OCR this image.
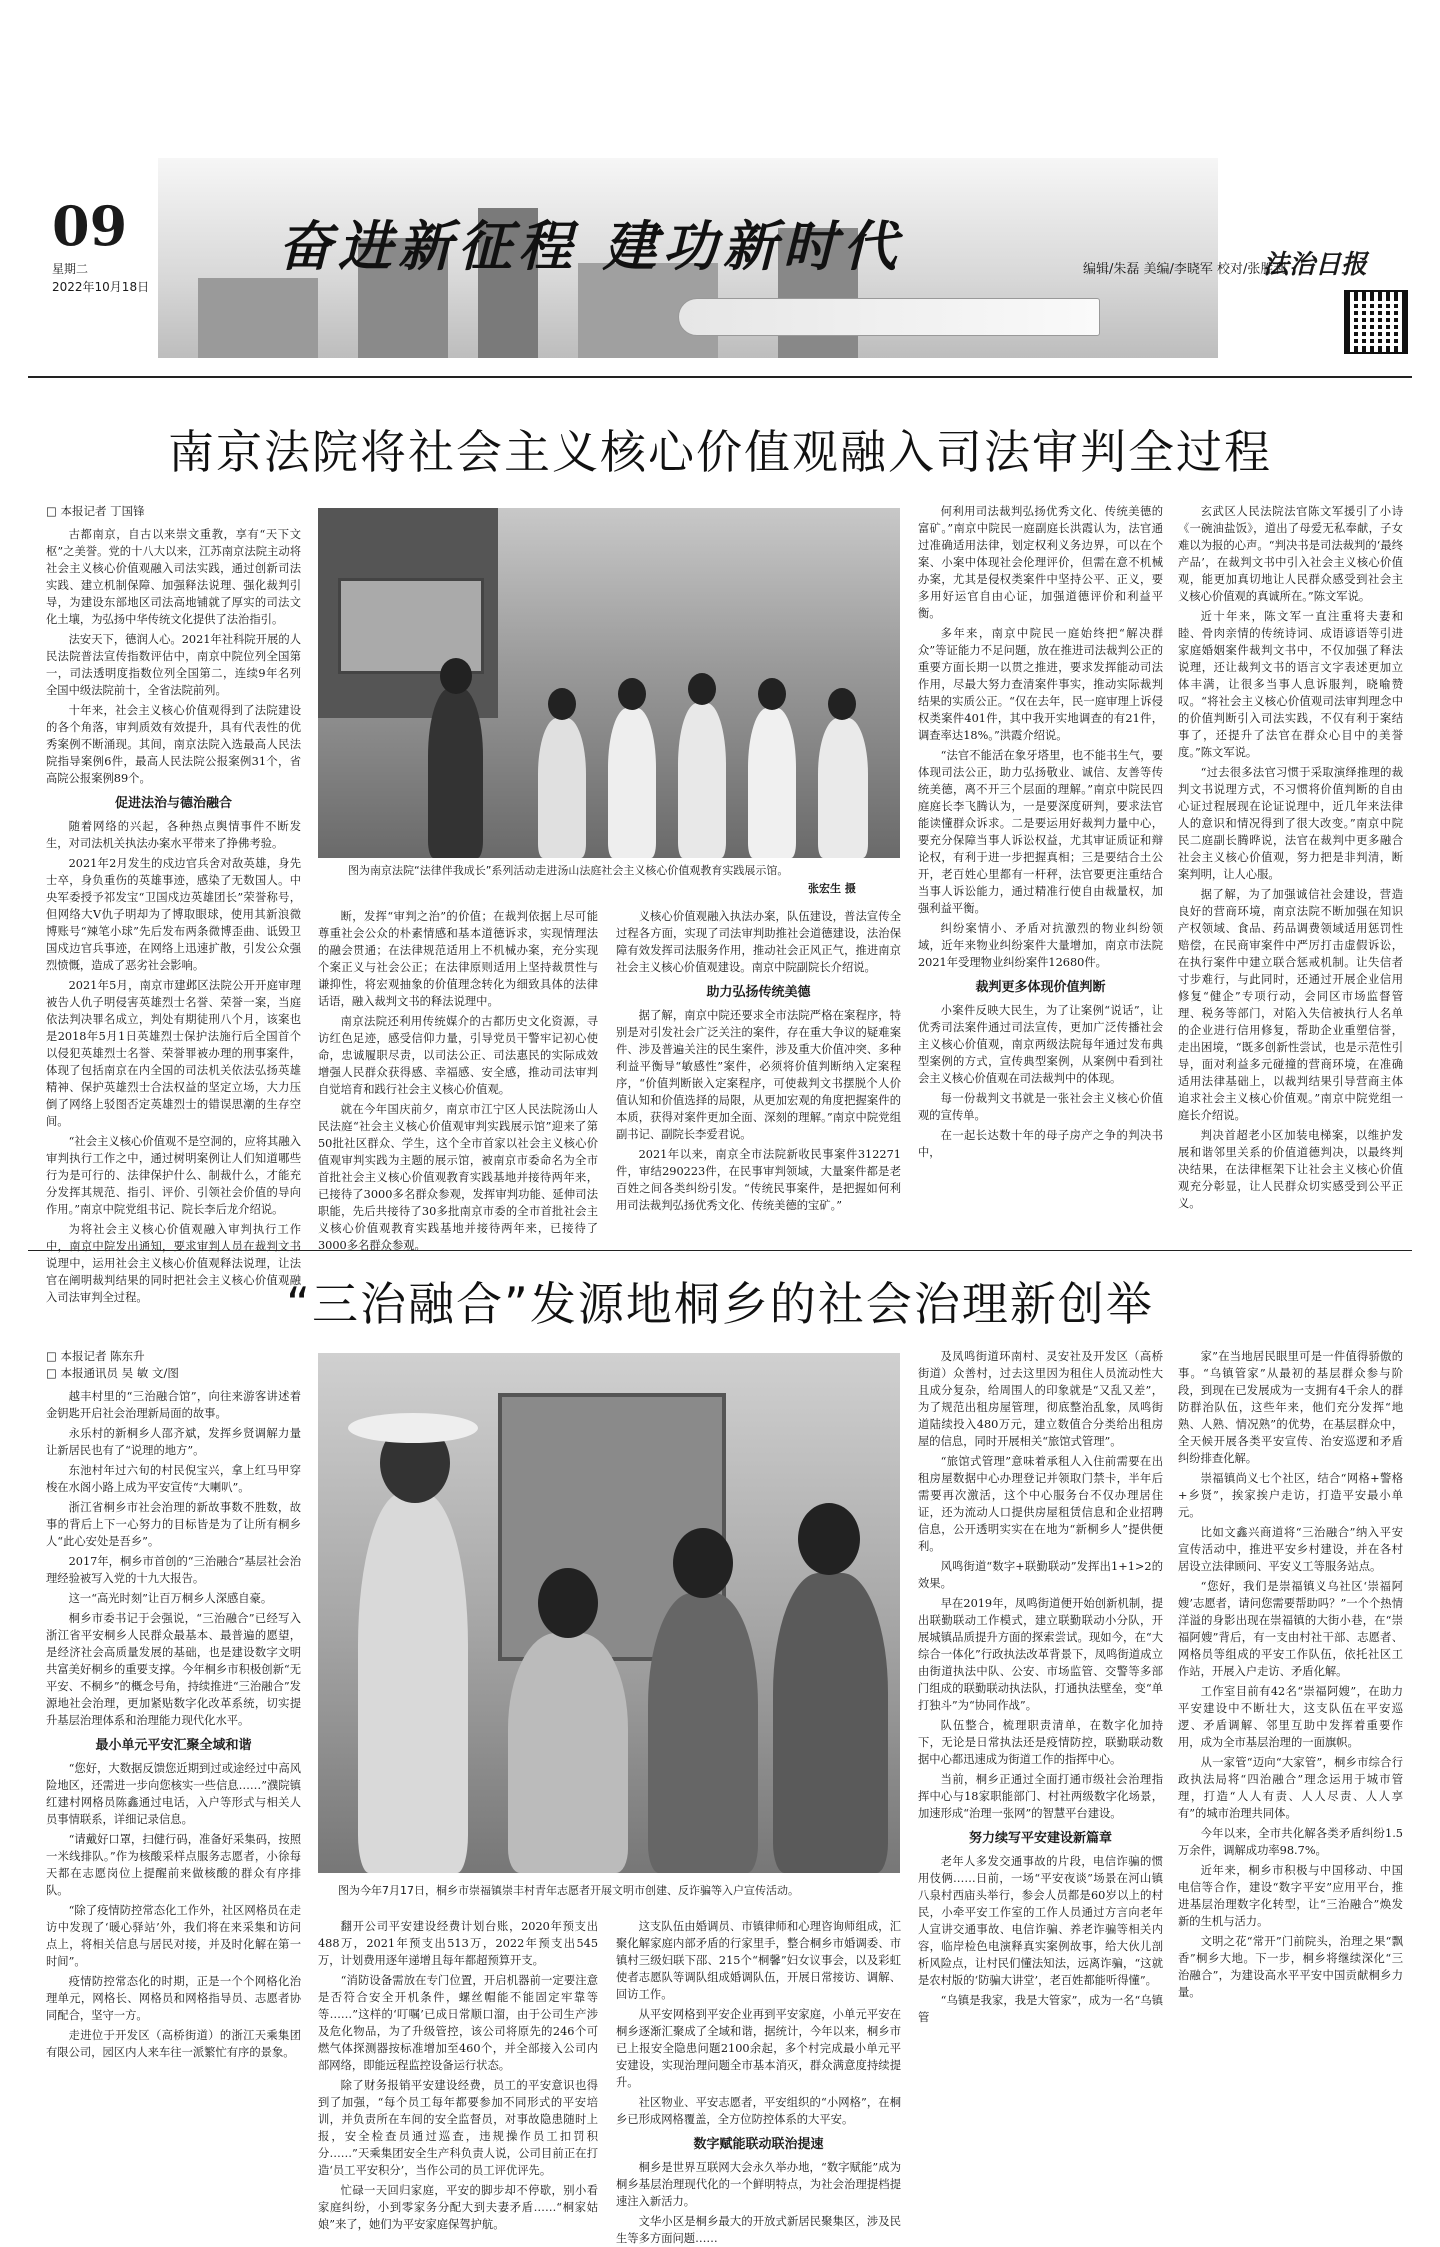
09
星期二
2022年10月18日
奋进新征程 建功新时代	编辑/朱磊 美编/李晓军 校对/张胜利
法治日报
南京法院将社会主义核心价值观融入司法审判全过程
□ 本报记者 丁国锋

古都南京，自古以来崇文重教，享有“天下文枢”之美誉。党的十八大以来，江苏南京法院主动将社会主义核心价值观融入司法实践，通过创新司法实践、建立机制保障、加强释法说理、强化裁判引导，为建设东部地区司法高地铺就了厚实的司法文化土壤，为弘扬中华传统文化提供了法治指引。

法安天下，德润人心。2021年社科院开展的人民法院普法宣传指数评估中，南京中院位列全国第一，司法透明度指数位列全国第二，连续9年名列全国中级法院前十，全省法院前列。

十年来，社会主义核心价值观得到了法院建设的各个角落，审判质效有效提升，具有代表性的优秀案例不断涌现。其间，南京法院入选最高人民法院指导案例6件，最高人民法院公报案例31个，省高院公报案例89个。

促进法治与德治融合

随着网络的兴起，各种热点舆情事件不断发生，对司法机关执法办案水平带来了挣佛考验。

2021年2月发生的戍边官兵舍对敌英雄，身先士卒，身负重伤的英雄事迹，感染了无数国人。中央军委授予祁发宝“卫国戍边英雄团长”荣誉称号，但网络大V仇子明却为了博取眼球，使用其新浪微博账号“辣笔小球”先后发布两条微博歪曲、诋毁卫国戍边官兵事迹，在网络上迅速扩散，引发公众强烈愤慨，造成了恶劣社会影响。

2021年5月，南京市建邺区法院公开开庭审理被告人仇子明侵害英雄烈士名誉、荣誉一案，当庭依法判决罪名成立，判处有期徒刑八个月，该案也是2018年5月1日英雄烈士保护法施行后全国首个以侵犯英雄烈士名誉、荣誉罪被办理的刑事案件，体现了包括南京在内全国的司法机关依法弘扬英雄精神、保护英雄烈士合法权益的坚定立场，大力压倒了网络上驳图否定英雄烈士的错误思潮的生存空间。

“社会主义核心价值观不是空洞的，应将其融入审判执行工作之中，通过树明案例让人们知道哪些行为是可行的、法律保护什么、制裁什么，才能充分发挥其规范、指引、评价、引领社会价值的导向作用。”南京中院党组书记、院长李后龙介绍说。

为将社会主义核心价值观融入审判执行工作中，南京中院发出通知，要求审判人员在裁判文书说理中，运用社会主义核心价值观释法说理，让法官在阐明裁判结果的同时把社会主义核心价值观融入司法审判全过程。

图为南京法院“法律伴我成长”系列活动走进汤山法庭社会主义核心价值观教育实践展示馆。
张宏生 摄

断，发挥“审判之治”的价值；在裁判依据上尽可能尊重社会公众的朴素情感和基本道德诉求，实现情理法的融会贯通；在法律规范适用上不机械办案，充分实现个案正义与社会公正；在法律原则适用上坚持裁贯性与谦抑性，将宏观抽象的价值理念转化为细致具体的法律话语，融入裁判文书的释法说理中。

南京法院还利用传统媒介的古都历史文化资源，寻访红色足迹，感受信仰力量，引导党员干警牢记初心使命，忠诚履职尽责，以司法公正、司法惠民的实际成效增强人民群众获得感、幸福感、安全感，推动司法审判自觉培育和践行社会主义核心价值观。

就在今年国庆前夕，南京市江宁区人民法院汤山人民法庭“社会主义核心价值观审判实践展示馆”迎来了第50批社区群众、学生，这个全市首家以社会主义核心价值观审判实践为主题的展示馆，被南京市委命名为全市首批社会主义核心价值观教育实践基地并接待两年来，已接待了3000多名群众参观，发挥审判功能、延伸司法职能，先后共接待了30多批南京市委的全市首批社会主义核心价值观教育实践基地并接待两年来，已接待了3000多名群众参观。

义核心价值观融入执法办案，队伍建设，普法宣传全过程各方面，实现了司法审判助推社会道德建设，法治保障有效发挥司法服务作用，推动社会正风正气，推进南京社会主义核心价值观建设。南京中院副院长介绍说。

助力弘扬传统美德

据了解，南京中院还要求全市法院严格在案程序，特别是对引发社会广泛关注的案件，存在重大争议的疑难案件、涉及普遍关注的民生案件，涉及重大价值冲突、多种利益平衡导“敏感性”案件，必须将价值判断纳入定案程序，“价值判断嵌入定案程序，可使裁判文书摆脱个人价值认知和价值选择的局限，从更加宏观的角度把握案件的本质，获得对案件更加全面、深刻的理解。”南京中院党组副书记、副院长李爱君说。

2021年以来，南京全市法院新收民事案件312271件，审结290223件，在民事审判领域，大量案件都是老百姓之间各类纠纷引发。“传统民事案件，是把握如何利用司法裁判弘扬优秀文化、传统美德的宝矿。”

何利用司法裁判弘扬优秀文化、传统美德的富矿。”南京中院民一庭副庭长洪霞认为，法官通过准确适用法律，划定权利义务边界，可以在个案、小案中体现社会伦理评价，但需在意不机械办案，尤其是侵权类案件中坚持公平、正义，要多用好运官自由心证，加强道德评价和利益平衡。

多年来，南京中院民一庭始终把“解决群众”等证能力不足问题，放在推进司法裁判公正的重要方面长期一以贯之推进，要求发挥能动司法作用，尽最大努力查清案件事实，推动实际裁判结果的实质公正。“仅在去年，民一庭审理上诉侵权类案件401件，其中我开实地调查的有21件，调查率达18%。”洪霞介绍说。

“法官不能活在象牙塔里，也不能书生气，要体现司法公正，助力弘扬敬业、诚信、友善等传统美德，离不开三个层面的理解。”南京中院民四庭庭长李飞腾认为，一是要深度研判，要求法官能读懂群众诉求。二是要运用好裁判力量中心，要充分保障当事人诉讼权益，尤其审证质证和辩论权，有利于进一步把握真相；三是要结合土公开，老百姓心里都有一杆秤，法官要更注重结合当事人诉讼能力，通过精准行使自由裁量权，加强利益平衡。

纠纷案情小、矛盾对抗激烈的物业纠纷领域，近年来物业纠纷案件大量增加，南京市法院2021年受理物业纠纷案件12680件。

裁判更多体现价值判断

小案件反映大民生，为了让案例“说话”，让优秀司法案件通过司法宣传，更加广泛传播社会主义核心价值观，南京两级法院每年通过发布典型案例的方式，宣传典型案例，从案例中看到社会主义核心价值观在司法裁判中的体现。

每一份裁判文书就是一张社会主义核心价值观的宣传单。

在一起长达数十年的母子房产之争的判决书中，

玄武区人民法院法官陈文军援引了小诗《一碗油盐饭》，道出了母爱无私奉献，子女难以为报的心声。“判决书是司法裁判的‘最终产品’，在裁判文书中引入社会主义核心价值观，能更加真切地让人民群众感受到社会主义核心价值观的真诚所在。”陈文军说。

近十年来，陈文军一直注重将夫妻和睦、骨肉亲情的传统诗词、成语谚语等引进家庭婚姻案件裁判文书中，不仅加强了释法说理，还让裁判文书的语言文字表述更加立体丰满，让很多当事人息诉服判，晓喻赞叹。“将社会主义核心价值观司法审判理念中的价值判断引入司法实践，不仅有利于案结事了，还提升了法官在群众心目中的美誉度。”陈文军说。

“过去很多法官习惯于采取演绎推理的裁判文书说理方式，不习惯将价值判断的自由心证过程展现在论证说理中，近几年来法律人的意识和情况得到了很大改变。”南京中院民二庭副长腾晔说，法官在裁判中更多融合社会主义核心价值观，努力把是非判清，断案判明，让人心服。

据了解，为了加强诚信社会建设，营造良好的营商环境，南京法院不断加强在知识产权领域、食品、药品调费领域适用惩罚性赔偿，在民商审案件中严厉打击虚假诉讼，在执行案件中建立联合惩戒机制。让失信者寸步难行，与此同时，还通过开展企业信用修复“健企”专项行动，会同区市场监督管理、税务等部门，对陷入失信被执行人名单的企业进行信用修复，帮助企业重塑信誉，走出困境，“既多创新性尝试，也是示范性引导，面对利益多元碰撞的营商环境，在准确适用法律基础上，以裁判结果引导营商主体追求社会主义核心价值观。”南京中院党组一庭长介绍说。

判决首超老小区加装电梯案，以维护发展和谐邻里关系的价值道德判决，以最终判决结果，在法律框架下让社会主义核心价值观充分彰显，让人民群众切实感受到公平正义。

“三治融合”发源地桐乡的社会治理新创举
□ 本报记者 陈东升
□ 本报通讯员 吴 敏 文/图

越丰村里的“三治融合馆”，向往来游客讲述着金钥匙开启社会治理新局面的故事。

永乐村的新桐乡人邵齐斌，发挥乡贤调解力量让新居民也有了“说理的地方”。

东池村年过六旬的村民倪宝兴，拿上红马甲穿梭在水阁小路上成为平安宣传“大喇叭”。

浙江省桐乡市社会治理的新故事数不胜数，故事的背后上下一心努力的目标皆是为了让所有桐乡人“此心安处是吾乡”。

2017年，桐乡市首创的“三治融合”基层社会治理经验被写入党的十九大报告。

这一“高光时刻”让百万桐乡人深感自豪。

桐乡市委书记于会强说，“三治融合”已经写入浙江省平安桐乡人民群众最基本、最普遍的愿望，是经济社会高质量发展的基础，也是建设数字文明共富美好桐乡的重要支撑。今年桐乡市积极创新“无平安、不桐乡”的概念号角，持续推进“三治融合”发源地社会治理，更加紧贴数字化改革系统，切实提升基层治理体系和治理能力现代化水平。

最小单元平安汇聚全域和谐

“您好，大数据反馈您近期到过或途经过中高风险地区，还需进一步向您核实一些信息……”濮院镇红建村网格员陈鑫通过电话，入户等形式与相关人员事情联系，详细记录信息。

“请戴好口罩，扫健行码，准备好采集码，按照一米线排队。”作为核酸采样点服务志愿者，小徐每天都在志愿岗位上提醒前来做核酸的群众有序排队。

“除了疫情防控常态化工作外，社区网格员在走访中发现了‘暖心驿站’外，我们将在来采集和访问点上，将相关信息与居民对接，并及时化解在第一时间”。

疫情防控常态化的时期，正是一个个网格化治理单元，网格长、网格员和网格指导员、志愿者协同配合，坚守一方。

走进位于开发区（高桥街道）的浙江天乘集团有限公司，园区内人来车往一派繁忙有序的景象。

图为今年7月17日，桐乡市崇福镇崇丰村青年志愿者开展文明市创建、反诈骗等入户宣传活动。

翻开公司平安建设经费计划台账，2020年预支出488万，2021年预支出513万，2022年预支出545万，计划费用逐年递增且每年都超预算开支。

“消防设备需放在专门位置，开启机器前一定要注意是否符合安全开机条件，螺丝帽能不能固定牢靠等等……”这样的‘叮嘱’已成日常顺口溜，由于公司生产涉及危化物品，为了升级管控，该公司将原先的246个可燃气体探测器按标准增加至460个，并全部接入公司内部网络，即能远程监控设备运行状态。

除了财务报销平安建设经费，员工的平安意识也得到了加强，“每个员工每年都要参加不同形式的平安培训，并负责所在车间的安全监督员，对事故隐患随时上报，安全检查员通过巡查，违规操作员工扣罚积分……”天乘集团安全生产科负责人说，公司目前正在打造‘员工平安积分’，当作公司的员工评优评先。

忙碌一天回归家庭，平安的脚步却不停歇，别小看家庭纠纷，小到零家务分配大到夫妻矛盾……“桐家姑娘”来了，她们为平安家庭保驾护航。

这支队伍由婚调员、市镇律师和心理咨询师组成，汇聚化解家庭内部矛盾的行家里手，整合桐乡市婚调委、市镇村三级妇联下邵、215个“桐馨”妇女议事会，以及彩虹使者志愿队等调队组成婚调队伍，开展日常接访、调解、回访工作。

从平安网格到平安企业再到平安家庭，小单元平安在桐乡逐渐汇聚成了全域和谐，据统计，今年以来，桐乡市已上报安全隐患问题2100余起，多个村完成最小单元平安建设，实现治理问题全市基本消灭，群众满意度持续提升。

社区物业、平安志愿者，平安组织的“小网格”，在桐乡已形成网格覆盖，全方位防控体系的大平安。

数字赋能联动联治提速

桐乡是世界互联网大会永久举办地，“数字赋能”成为桐乡基层治理现代化的一个鲜明特点，为社会治理提档提速注入新活力。

文华小区是桐乡最大的开放式新居民聚集区，涉及民生等多方面问题……

及凤鸣街道环南村、灵安社及开发区（高桥街道）众善村，过去这里因为租住人员流动性大且成分复杂，给周围人的印象就是“又乱又差”，为了规范出租房屋管理，彻底整治乱象，凤鸣街道陆续投入480万元，建立数值合分类给出租房屋的信息，同时开展相关“旅馆式管理”。

“旅馆式管理”意味着承租人入住前需要在出租房屋数据中心办理登记并领取门禁卡，半年后需要再次激活，这个中心服务台不仅办理居住证，还为流动人口提供房屋租赁信息和企业招聘信息，公开透明实实在在地为“新桐乡人”提供便利。

风鸣街道“数字+联勤联动”发挥出1+1>2的效果。

早在2019年，凤鸣街道便开始创新机制，提出联勤联动工作模式，建立联勤联动小分队，开展城镇品质提升方面的探索尝试。现如今，在“大综合一体化”行政执法改革背景下，凤鸣街道成立由街道执法中队、公安、市场监管、交警等多部门组成的联勤联动执法队，打通执法壁垒，变“单打独斗”为“协同作战”。

队伍整合，梳理职责清单，在数字化加持下，无论是日常执法还是疫情防控，联勤联动数据中心都迅速成为街道工作的指挥中心。

当前，桐乡正通过全面打通市级社会治理指挥中心与18家职能部门、村社两级数字化场景，加速形成“治理一张网”的智慧平台建设。

努力续写平安建设新篇章

老年人多发交通事故的片段，电信诈骗的惯用伎俩……日前，一场“平安夜谈”场景在河山镇八泉村西庙头举行，参会人员都是60岁以上的村民，小牵平安工作室的工作人员通过方言向老年人宣讲交通事故、电信诈骗、养老诈骗等相关内容，临岸检色电演释真实案例故事，给大伙儿剖析风险点，让村民们懂法知法，远离诈骗，“这就是农村版的‘防骗大讲堂’，老百姓都能听得懂”。

“乌镇是我家，我是大管家”，成为一名“乌镇管

家”在当地居民眼里可是一件值得骄傲的事。“乌镇管家”从最初的基层群众参与阶段，到现在已发展成为一支拥有4千余人的群防群治队伍，这些年来，他们充分发挥“地熟、人熟、情况熟”的优势，在基层群众中，全天候开展各类平安宣传、治安巡逻和矛盾纠纷排查化解。

崇福镇尚义七个社区，结合“网格+警格+乡贤”，挨家挨户走访，打造平安最小单元。

比如文鑫兴商道将“三治融合”纳入平安宣传活动中，推进平安乡村建设，并在各村居设立法律顾问、平安义工等服务站点。

“您好，我们是崇福镇义乌社区‘崇福阿嫂’志愿者，请问您需要帮助吗？”一个个热情洋溢的身影出现在崇福镇的大街小巷，在“崇福阿嫂”背后，有一支由村社干部、志愿者、网格员等组成的平安工作队伍，依托社区工作站，开展入户走访、矛盾化解。

工作室目前有42名“崇福阿嫂”，在助力平安建设中不断壮大，这支队伍在平安巡逻、矛盾调解、邻里互助中发挥着重要作用，成为全市基层治理的一面旗帜。

从一家管“迈向“大家管”，桐乡市综合行政执法局将“四治融合”理念运用于城市管理，打造“人人有责、人人尽责、人人享有”的城市治理共同体。

今年以来，全市共化解各类矛盾纠纷1.5万余件，调解成功率98.7%。

近年来，桐乡市积极与中国移动、中国电信等合作，建设“数字平安”应用平台，推进基层治理数字化转型，让“三治融合”焕发新的生机与活力。

文明之花“常开”门前院头，治理之果“飘香”桐乡大地。下一步，桐乡将继续深化“三治融合”，为建设高水平平安中国贡献桐乡力量。
